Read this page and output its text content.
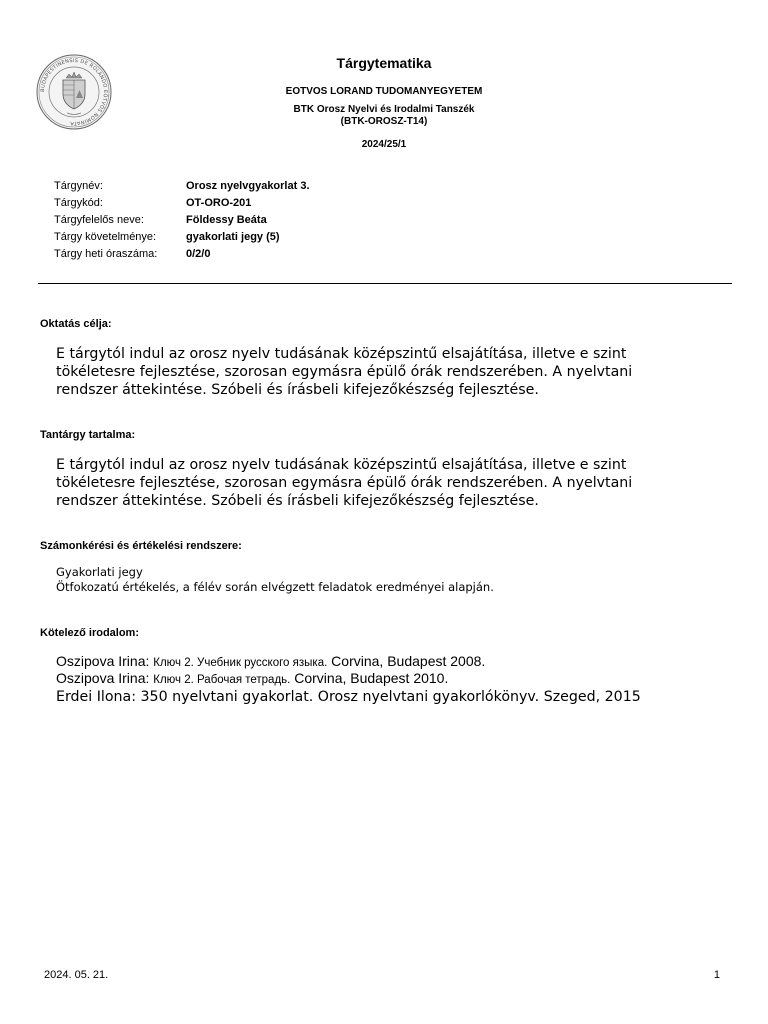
BUDAPESTINENSIS DE ROLANDO EÖTVÖS NOMINATA
Tárgytematika
EOTVOS LORAND TUDOMANYEGYETEM
BTK Orosz Nyelvi és Irodalmi Tanszék
(BTK-OROSZ-T14)
2024/25/1
Tárgynév:	Orosz nyelvgyakorlat 3.
Tárgykód:	OT-ORO-201
Tárgyfelelős neve:	Földessy Beáta
Tárgy követelménye:	gyakorlati jegy (5)
Tárgy heti óraszáma:	0/2/0
Oktatás célja:
E tárgytól indul az orosz nyelv tudásának középszintű elsajátítása, illetve e szint
tökéletesre fejlesztése, szorosan egymásra épülő órák rendszerében. A nyelvtani
rendszer áttekintése. Szóbeli és írásbeli kifejezőkészség fejlesztése.
Tantárgy tartalma:
E tárgytól indul az orosz nyelv tudásának középszintű elsajátítása, illetve e szint
tökéletesre fejlesztése, szorosan egymásra épülő órák rendszerében. A nyelvtani
rendszer áttekintése. Szóbeli és írásbeli kifejezőkészség fejlesztése.
Számonkérési és értékelési rendszere:
Gyakorlati jegy
Ötfokozatú értékelés, a félév során elvégzett feladatok eredményei alapján.
Kötelező irodalom:
Oszipova Irina: Ключ 2. Учебник русского языка. Corvina, Budapest 2008.
Oszipova Irina: Ключ 2. Рабочая тетрадь. Corvina, Budapest 2010.
Erdei Ilona: 350 nyelvtani gyakorlat. Orosz nyelvtani gyakorlókönyv. Szeged, 2015
2024. 05. 21.	1
